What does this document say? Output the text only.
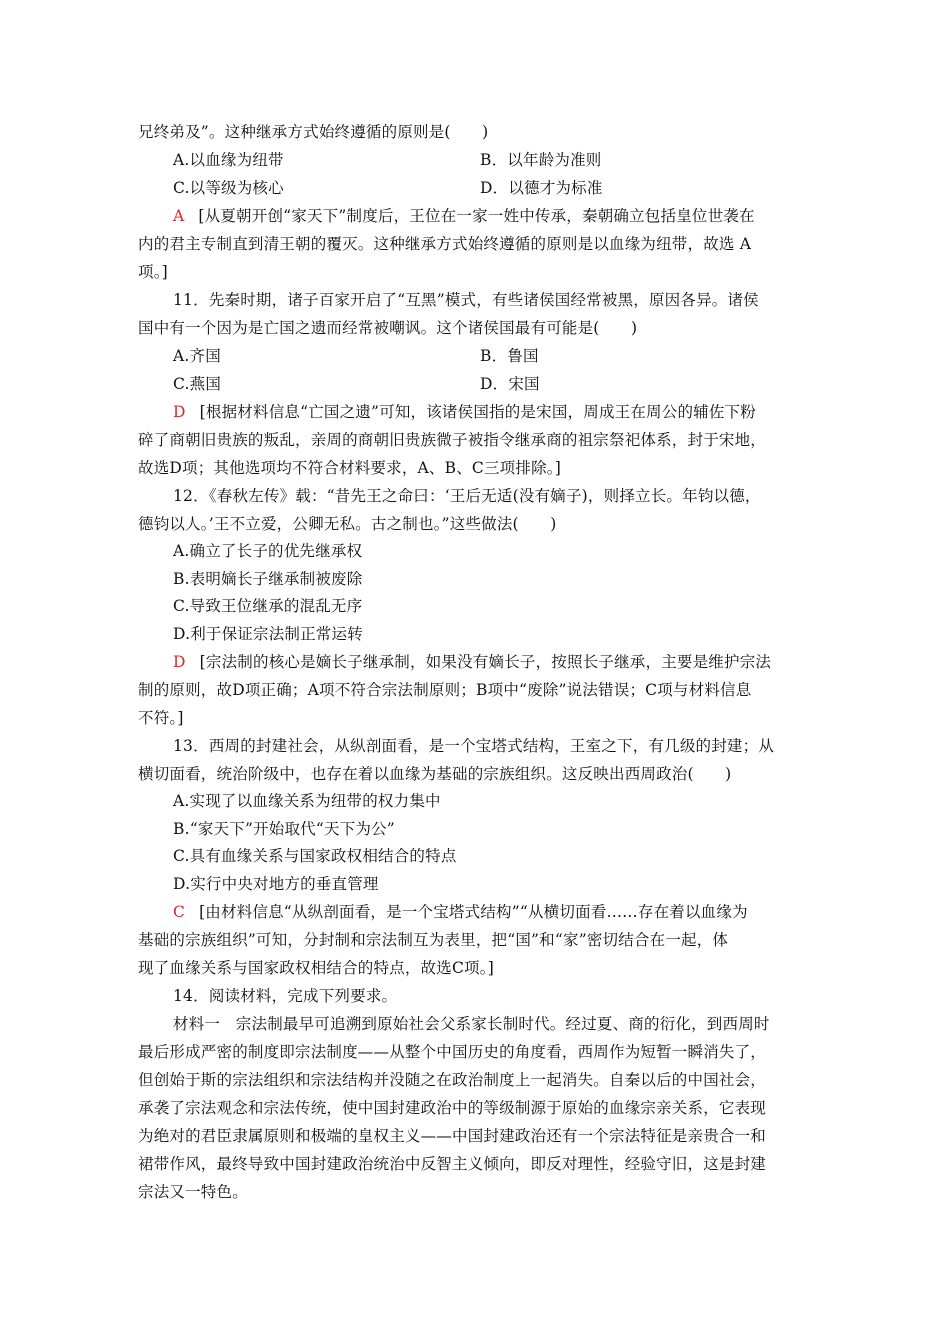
兄终弟及”。这种继承方式始终遵循的原则是(　　)
A.以血缘为纽带	B．以年龄为准则
C.以等级为核心	D．以德才为标准
A [从夏朝开创“家天下”制度后，王位在一家一姓中传承，秦朝确立包括皇位世袭在
内的君主专制直到清王朝的覆灭。这种继承方式始终遵循的原则是以血缘为纽带，故选 A
项。]
11．先秦时期，诸子百家开启了“互黑”模式，有些诸侯国经常被黑，原因各异。诸侯
国中有一个因为是亡国之遗而经常被嘲讽。这个诸侯国最有可能是(　　)
A.齐国	B．鲁国
C.燕国	D．宋国
D [根据材料信息“亡国之遗”可知，该诸侯国指的是宋国，周成王在周公的辅佐下粉
碎了商朝旧贵族的叛乱，亲周的商朝旧贵族微子被指令继承商的祖宗祭祀体系，封于宋地，
故选D项；其他选项均不符合材料要求，A、B、C三项排除。]
12．《春秋左传》载：“昔先王之命曰：‘王后无适(没有嫡子)，则择立长。年钧以德，
德钧以人。’王不立爱，公卿无私。古之制也。”这些做法(　　)
A.确立了长子的优先继承权
B.表明嫡长子继承制被废除
C.导致王位继承的混乱无序
D.利于保证宗法制正常运转
D [宗法制的核心是嫡长子继承制，如果没有嫡长子，按照长子继承，主要是维护宗法
制的原则，故D项正确；A项不符合宗法制原则；B项中“废除”说法错误；C项与材料信息
不符。]
13．西周的封建社会，从纵剖面看，是一个宝塔式结构，王室之下，有几级的封建；从
横切面看，统治阶级中，也存在着以血缘为基础的宗族组织。这反映出西周政治(　　)
A.实现了以血缘关系为纽带的权力集中
B.“家天下”开始取代“天下为公”
C.具有血缘关系与国家政权相结合的特点
D.实行中央对地方的垂直管理
C [由材料信息“从纵剖面看，是一个宝塔式结构”“从横切面看……存在着以血缘为
基础的宗族组织”可知，分封制和宗法制互为表里，把“国”和“家”密切结合在一起，体
现了血缘关系与国家政权相结合的特点，故选C项。]
14．阅读材料，完成下列要求。
材料一　宗法制最早可追溯到原始社会父系家长制时代。经过夏、商的衍化，到西周时
最后形成严密的制度即宗法制度——从整个中国历史的角度看，西周作为短暂一瞬消失了，
但创始于斯的宗法组织和宗法结构并没随之在政治制度上一起消失。自秦以后的中国社会，
承袭了宗法观念和宗法传统，使中国封建政治中的等级制源于原始的血缘宗亲关系，它表现
为绝对的君臣隶属原则和极端的皇权主义——中国封建政治还有一个宗法特征是亲贵合一和
裙带作风，最终导致中国封建政治统治中反智主义倾向，即反对理性，经验守旧，这是封建
宗法又一特色。
